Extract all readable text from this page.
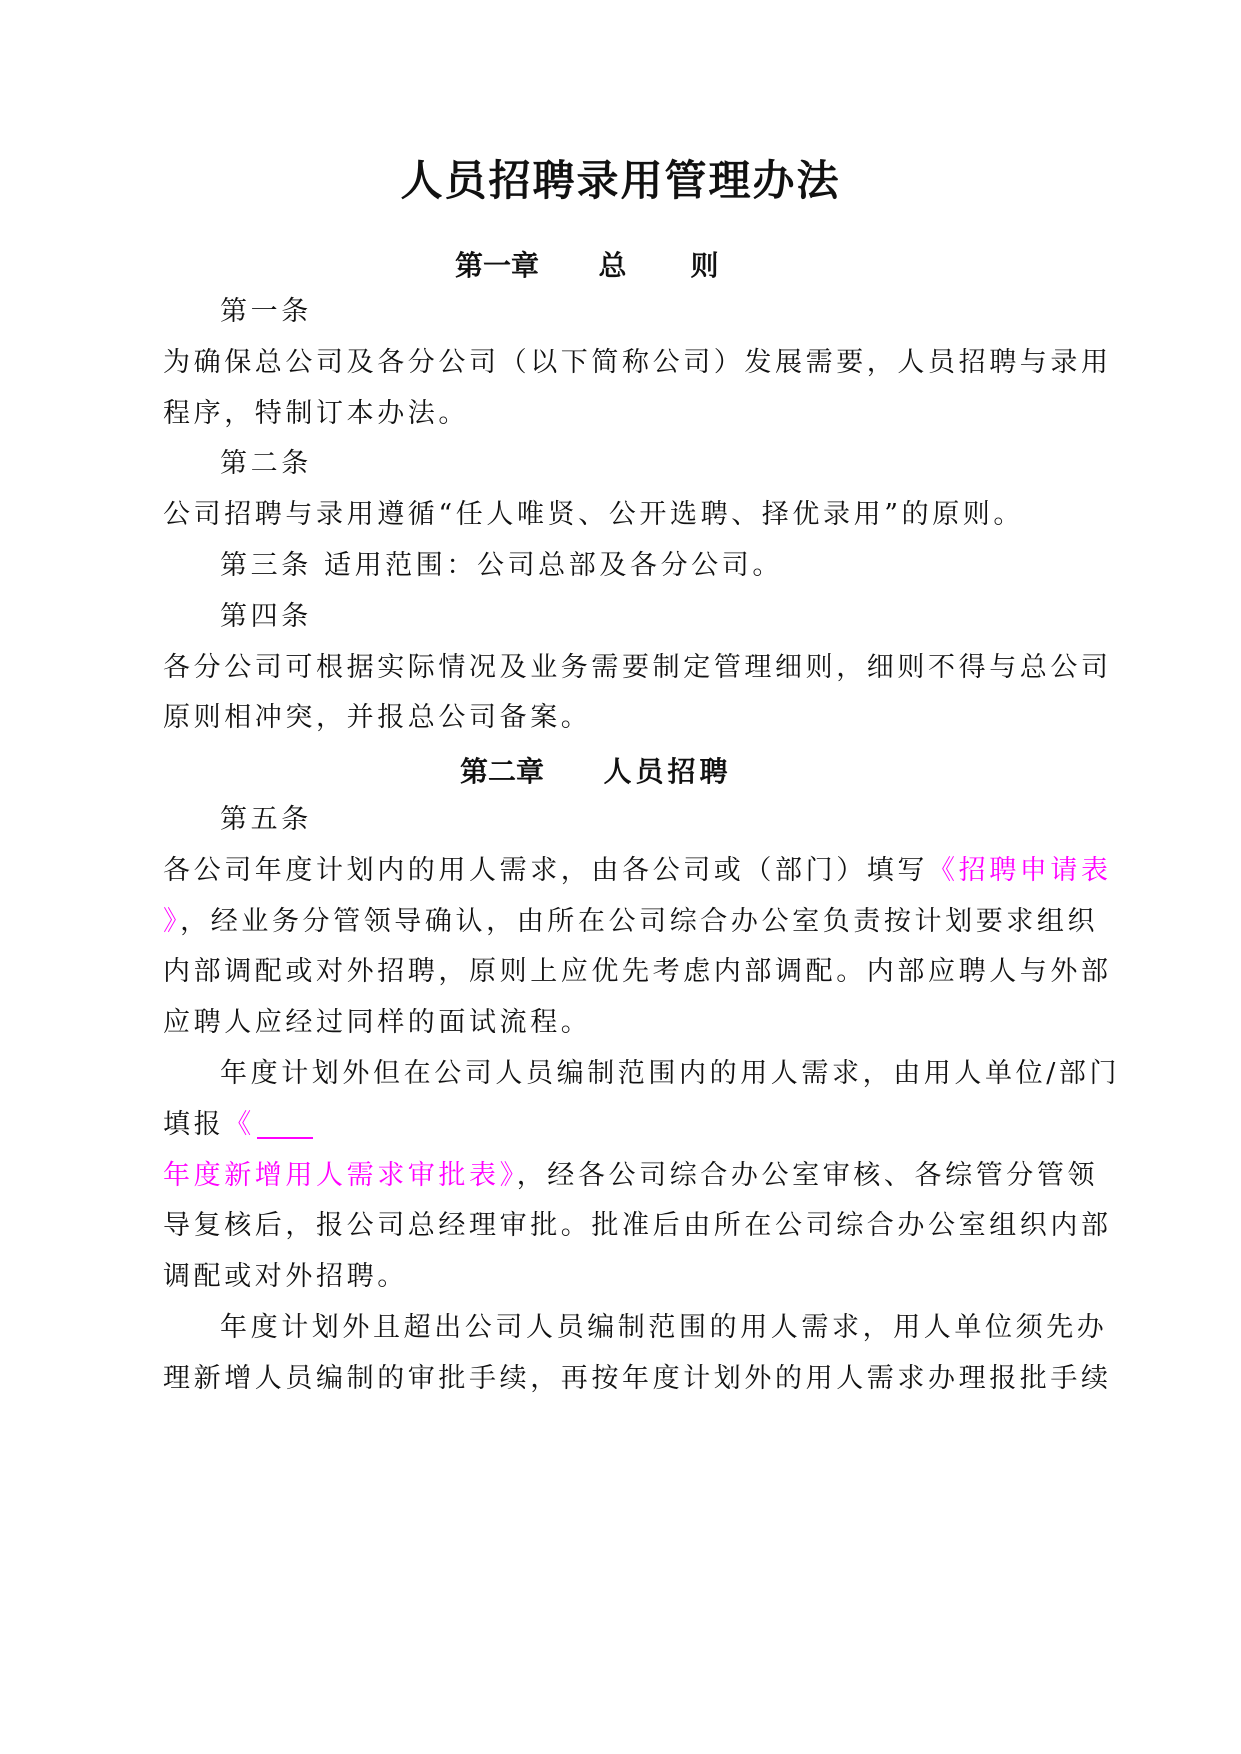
人员招聘录用管理办法
第一章 总　则
第一条
为确保总公司及各分公司（以下简称公司）发展需要，人员招聘与录用
程序，特制订本办法。
第二条
公司招聘与录用遵循“任人唯贤、公开选聘、择优录用”的原则。
第三条 适用范围：公司总部及各分公司。
第四条
各分公司可根据实际情况及业务需要制定管理细则，细则不得与总公司
原则相冲突，并报总公司备案。
第二章 人员招聘
第五条
各公司年度计划内的用人需求，由各公司或（部门）填写《招聘申请表
》，经业务分管领导确认，由所在公司综合办公室负责按计划要求组织
内部调配或对外招聘，原则上应优先考虑内部调配。内部应聘人与外部
应聘人应经过同样的面试流程。
年度计划外但在公司人员编制范围内的用人需求，由用人单位/部门
填报《
年度新增用人需求审批表》，经各公司综合办公室审核、各综管分管领
导复核后，报公司总经理审批。批准后由所在公司综合办公室组织内部
调配或对外招聘。
年度计划外且超出公司人员编制范围的用人需求，用人单位须先办
理新增人员编制的审批手续，再按年度计划外的用人需求办理报批手续
